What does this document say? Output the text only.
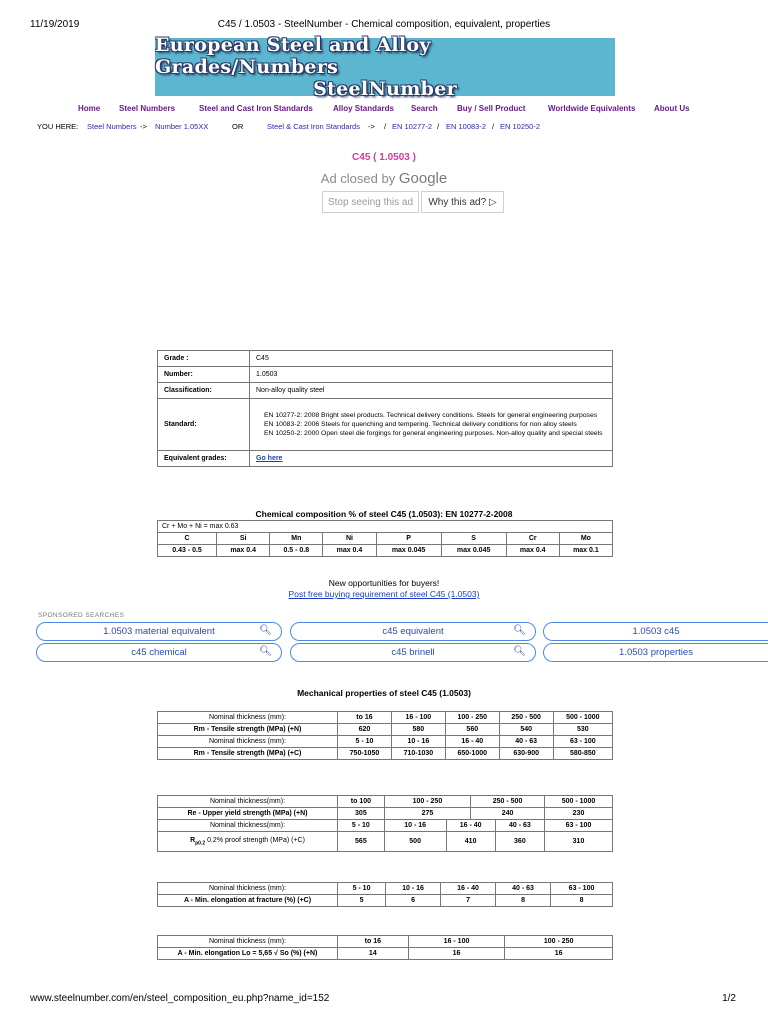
11/19/2019	C45 / 1.0503 - SteelNumber - Chemical composition, equivalent, properties
www.steelnumber.com/en/steel_composition_eu.php?name_id=152	1/2
European Steel and Alloy Grades/Numbers
SteelNumber
Home Steel Numbers	Steel and Cast Iron Standards	Alloy Standards Search Buy / Sell Product	Worldwide Equivalents About Us
YOU HERE: Steel Numbers -> Number 1.05XX	OR	Steel & Cast Iron Standards -> / EN 10277-2 / EN 10083-2 / EN 10250-2
C45 ( 1.0503 )
Ad closed by Google
Stop seeing this ad	Why this ad? ▷
Grade :	C45
Number:	1.0503
Classification:	Non-alloy quality steel
Standard:	EN 10277-2: 2008 Bright steel products. Technical delivery conditions. Steels for general engineering purposes
EN 10083-2: 2006 Steels for quenching and tempering. Technical delivery conditions for non alloy steels
EN 10250-2: 2000 Open steel die forgings for general engineering purposes. Non-alloy quality and special steels

Equivalent grades:	Go here
Chemical composition % of steel C45 (1.0503): EN 10277-2-2008
Cr + Mo + Ni = max 0.63							
C	Si	Mn	Ni	P	S	Cr	Mo
0.43 - 0.5	max 0.4	0.5 - 0.8	max 0.4	max 0.045	max 0.045	max 0.4	max 0.1
New opportunities for buyers!
Post free buying requirement of steel C45 (1.0503)
SPONSORED SEARCHES
1.0503 material equivalent	🔍︎	c45 equivalent	🔍︎	1.0503 c45
c45 chemical	🔍︎	c45 brinell	🔍︎	1.0503 properties
Mechanical properties of steel C45 (1.0503)
Nominal thickness (mm):	to 16	16 - 100	100 - 250	250 - 500	500 - 1000
Rm - Tensile strength (MPa) (+N)	620	580	560	540	530
Nominal thickness (mm):	5 - 10	10 - 16	16 - 40	40 - 63	63 - 100
Rm - Tensile strength (MPa) (+C)	750-1050	710-1030	650-1000	630-900	580-850
Nominal thickness(mm):	to 100	100 - 250		250 - 500		500 - 1000
Re - Upper yield strength (MPa) (+N)	305	275		240		230
Nominal thickness(mm):	5 - 10	10 - 16	16 - 40		40 - 63	63 - 100
$R_{p0.2}$ 0.2% proof strength (MPa) (+C)	565	500	410		360	310
Nominal thickness (mm):	5 - 10	10 - 16	16 - 40	40 - 63	63 - 100
A - Min. elongation at fracture (%) (+C)	5	6	7	8	8
Nominal thickness (mm):	to 16	16 - 100	100 - 250
A - Min. elongation Lo = 5,65 √ So (%) (+N)	14	16	16
